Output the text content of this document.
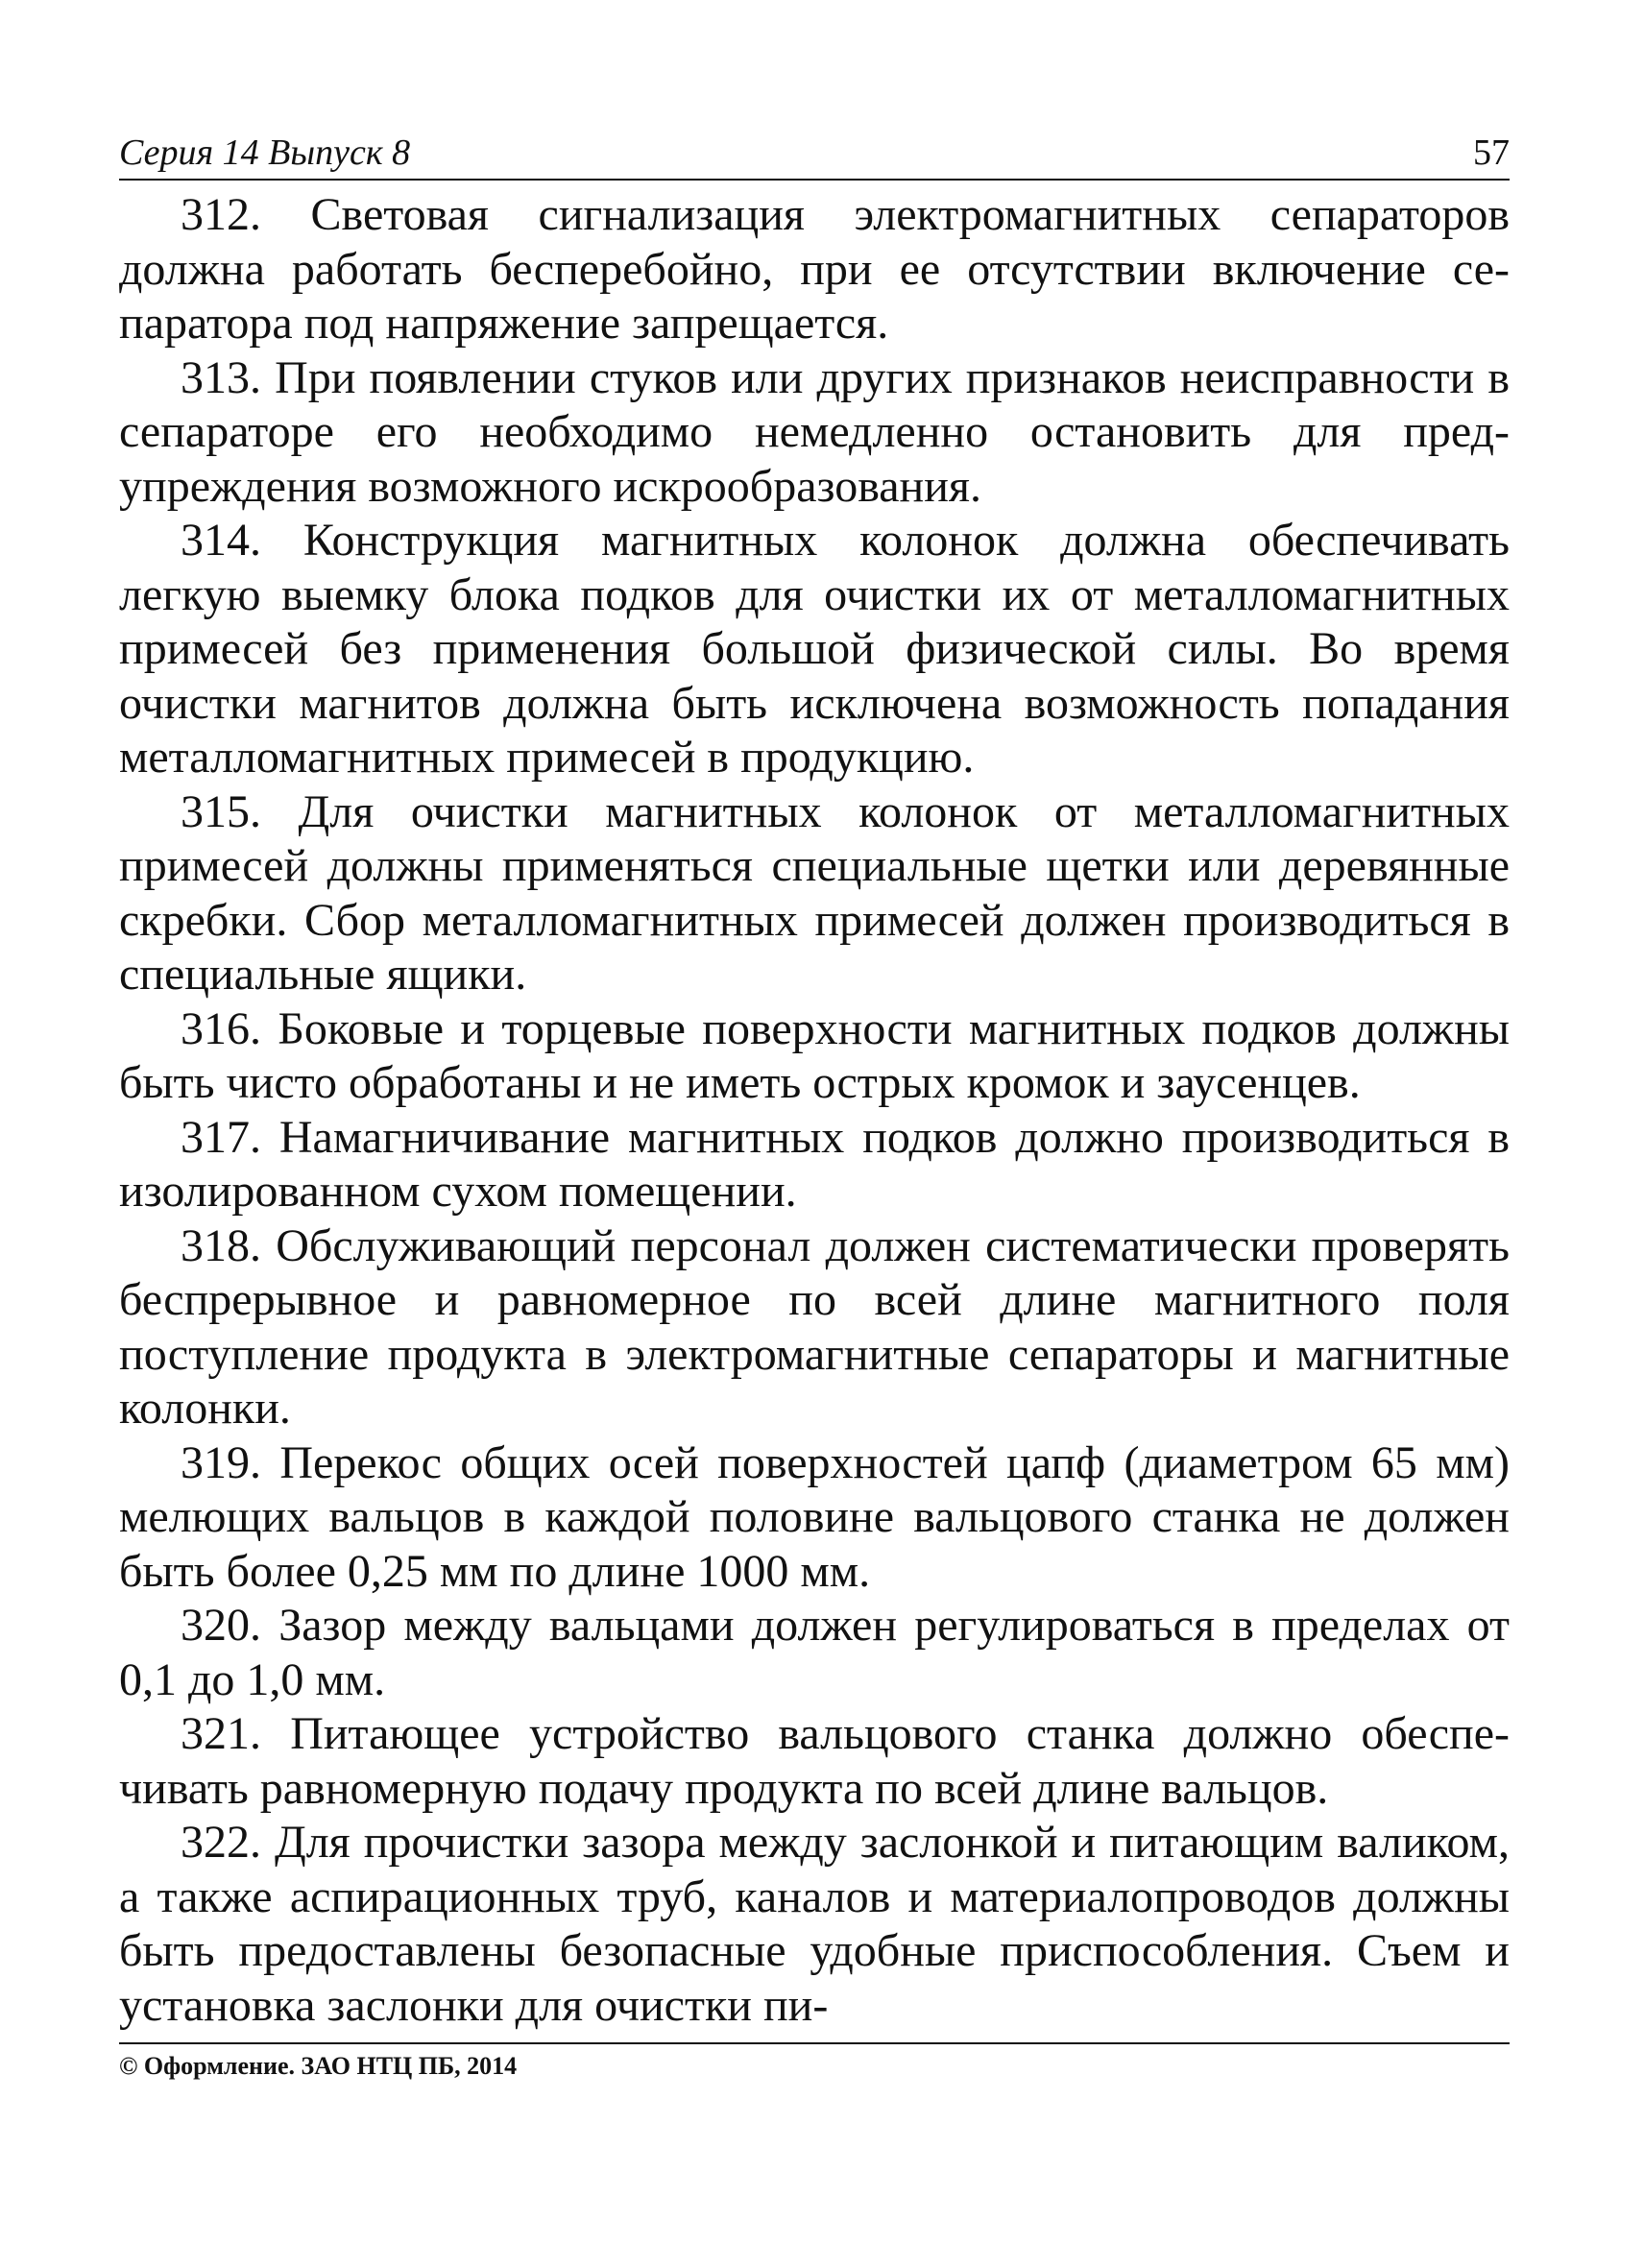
Серия 14 Выпуск 8	57

312. Световая сигнализация электромагнитных сепараторов должна работать бесперебойно, при ее отсутствии включение сепаратора под напряжение запрещается.

313. При появлении стуков или других признаков неисправности в сепараторе его необходимо немедленно остановить для предупреждения возможного искрообразования.

314. Конструкция магнитных колонок должна обеспечивать легкую выемку блока подков для очистки их от металломагнитных примесей без применения большой физической силы. Во время очистки магнитов должна быть исключена возможность попадания металломагнитных примесей в продукцию.

315. Для очистки магнитных колонок от металломагнитных примесей должны применяться специальные щетки или деревянные скребки. Сбор металломагнитных примесей должен производиться в специальные ящики.

316. Боковые и торцевые поверхности магнитных подков должны быть чисто обработаны и не иметь острых кромок и заусенцев.

317. Намагничивание магнитных подков должно производиться в изолированном сухом помещении.

318. Обслуживающий персонал должен систематически проверять беспрерывное и равномерное по всей длине магнитного поля поступление продукта в электромагнитные сепараторы и магнитные колонки.

319. Перекос общих осей поверхностей цапф (диаметром 65 мм) мелющих вальцов в каждой половине вальцового станка не должен быть более 0,25 мм по длине 1000 мм.

320. Зазор между вальцами должен регулироваться в пределах от 0,1 до 1,0 мм.

321. Питающее устройство вальцового станка должно обеспечивать равномерную подачу продукта по всей длине вальцов.

322. Для прочистки зазора между заслонкой и питающим валиком, а также аспирационных труб, каналов и материалопроводов должны быть предоставлены безопасные удобные приспособления. Съем и установка заслонки для очистки пи-

© Оформление. ЗАО НТЦ ПБ, 2014
